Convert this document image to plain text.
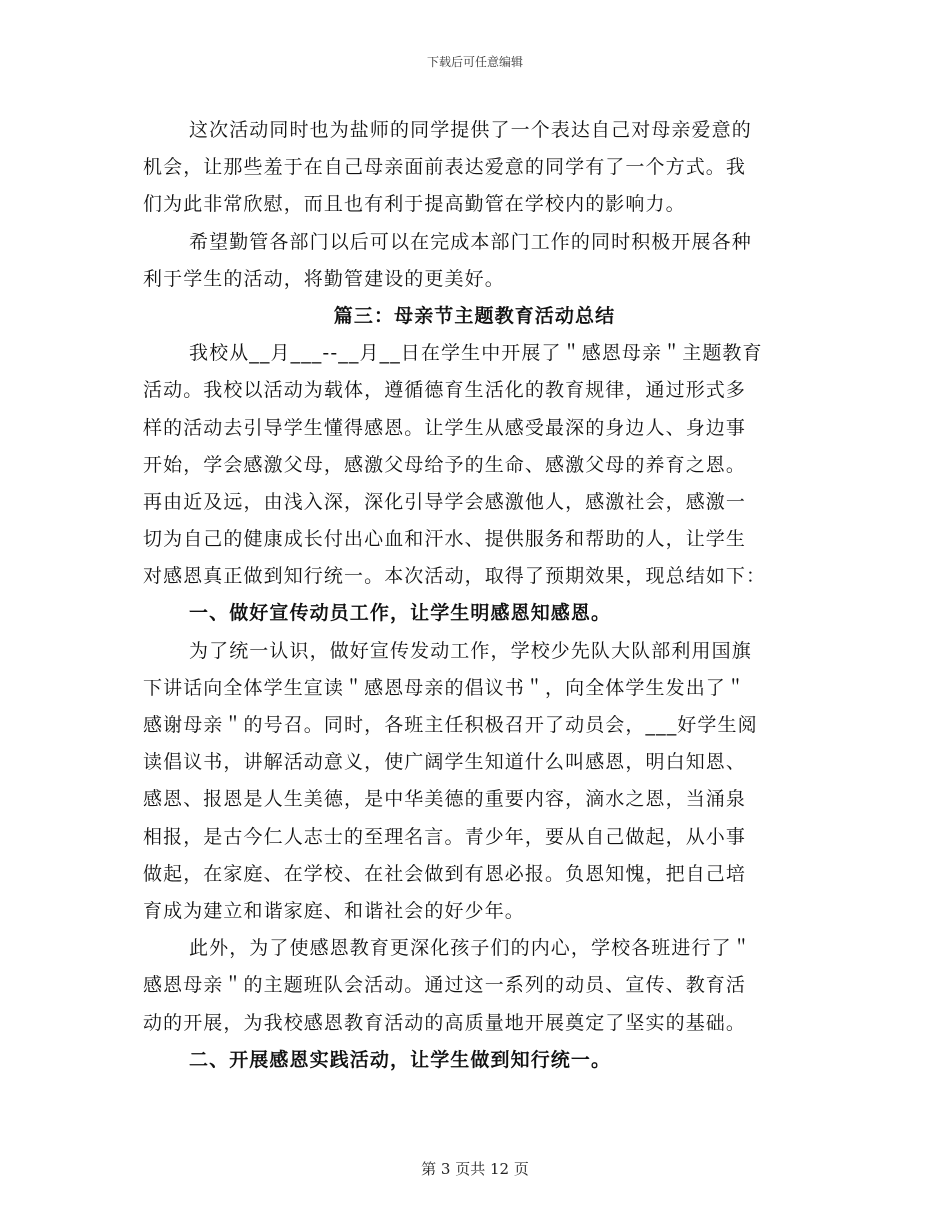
下载后可任意编辑
这次活动同时也为盐师的同学提供了一个表达自己对母亲爱意的
机会，让那些羞于在自己母亲面前表达爱意的同学有了一个方式。我
们为此非常欣慰，而且也有利于提高勤管在学校内的影响力。
希望勤管各部门以后可以在完成本部门工作的同时积极开展各种
利于学生的活动，将勤管建设的更美好。
篇三：母亲节主题教育活动总结
我校从__月___--__月__日在学生中开展了＂感恩母亲＂主题教育
活动。我校以活动为载体，遵循德育生活化的教育规律，通过形式多
样的活动去引导学生懂得感恩。让学生从感受最深的身边人、身边事
开始，学会感激父母，感激父母给予的生命、感激父母的养育之恩。
再由近及远，由浅入深，深化引导学会感激他人，感激社会，感激一
切为自己的健康成长付出心血和汗水、提供服务和帮助的人，让学生
对感恩真正做到知行统一。本次活动，取得了预期效果，现总结如下：
一、做好宣传动员工作，让学生明感恩知感恩。
为了统一认识，做好宣传发动工作，学校少先队大队部利用国旗
下讲话向全体学生宣读＂感恩母亲的倡议书＂，向全体学生发出了＂
感谢母亲＂的号召。同时，各班主任积极召开了动员会，___好学生阅
读倡议书，讲解活动意义，使广阔学生知道什么叫感恩，明白知恩、
感恩、报恩是人生美德，是中华美德的重要内容，滴水之恩，当涌泉
相报，是古今仁人志士的至理名言。青少年，要从自己做起，从小事
做起，在家庭、在学校、在社会做到有恩必报。负恩知愧，把自己培
育成为建立和谐家庭、和谐社会的好少年。
此外，为了使感恩教育更深化孩子们的内心，学校各班进行了＂
感恩母亲＂的主题班队会活动。通过这一系列的动员、宣传、教育活
动的开展，为我校感恩教育活动的高质量地开展奠定了坚实的基础。
二、开展感恩实践活动，让学生做到知行统一。
第 3 页共 12 页
